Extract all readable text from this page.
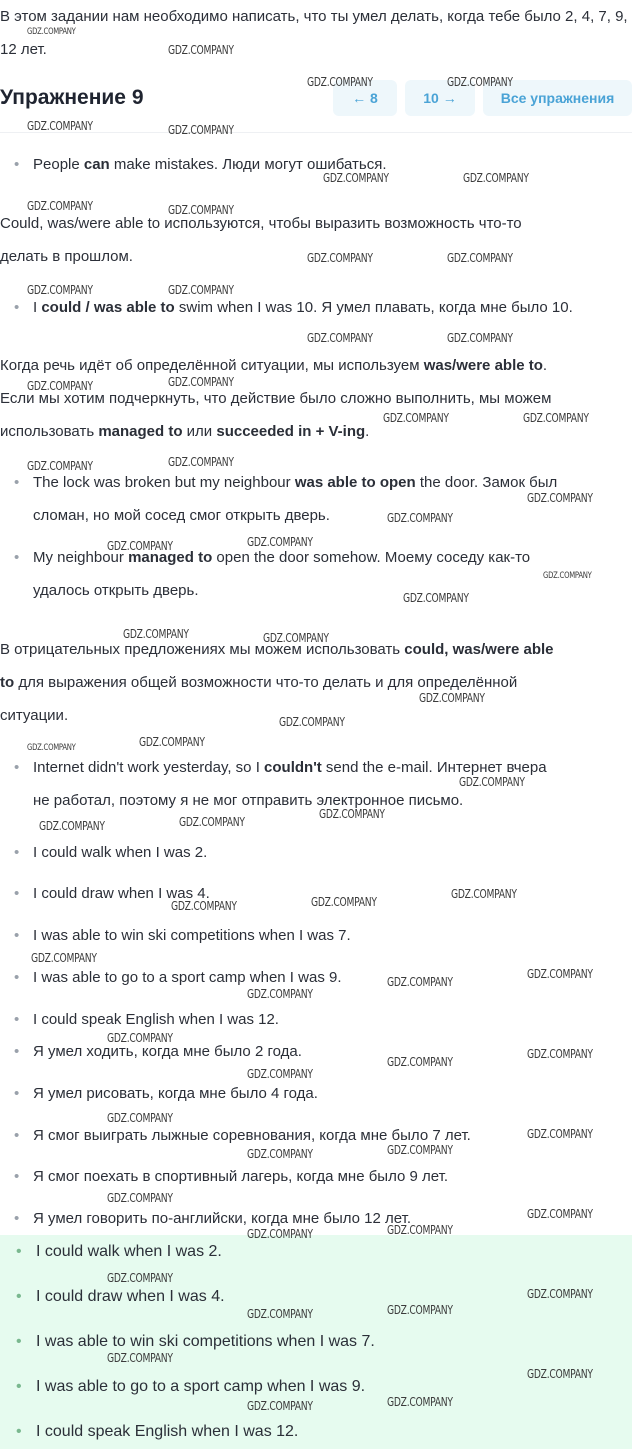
В этом задании нам необходимо написать, что ты умел делать, когда тебе было 2, 4, 7, 9, 12 лет.
Упражнение 9	← 8	10 →	Все упражнения
• People can make mistakes. Люди могут ошибаться.
Could, was/were able to используются, чтобы выразить возможность что-то
делать в прошлом.
• I could / was able to swim when I was 10. Я умел плавать, когда мне было 10.
Когда речь идёт об определённой ситуации, мы используем was/were able to.
Если мы хотим подчеркнуть, что действие было сложно выполнить, мы можем
использовать managed to или succeeded in + V-ing.
• The lock was broken but my neighbour was able to open the door. Замок был
сломан, но мой сосед смог открыть дверь.
• My neighbour managed to open the door somehow. Моему соседу как-то
удалось открыть дверь.
В отрицательных предложениях мы можем использовать could, was/were able
to для выражения общей возможности что-то делать и для определённой
ситуации.
• Internet didn't work yesterday, so I couldn't send the e-mail. Интернет вчера
не работал, поэтому я не мог отправить электронное письмо.
• I could walk when I was 2.
• I could draw when I was 4.
• I was able to win ski competitions when I was 7.
• I was able to go to a sport camp when I was 9.
• I could speak English when I was 12.
• Я умел ходить, когда мне было 2 года.
• Я умел рисовать, когда мне было 4 года.
• Я смог выиграть лыжные соревнования, когда мне было 7 лет.
• Я смог поехать в спортивный лагерь, когда мне было 9 лет.
• Я умел говорить по-английски, когда мне было 12 лет.
• I could walk when I was 2.
• I could draw when I was 4.
• I was able to win ski competitions when I was 7.
• I was able to go to a sport camp when I was 9.
• I could speak English when I was 12.
GDZ.COMPANY
GDZ.COMPANY
GDZ.COMPANY	GDZ.COMPANY
GDZ.COMPANY	GDZ.COMPANY
GDZ.COMPANY	GDZ.COMPANY
GDZ.COMPANY	GDZ.COMPANY
GDZ.COMPANY	GDZ.COMPANY
GDZ.COMPANY	GDZ.COMPANY
GDZ.COMPANY	GDZ.COMPANY
GDZ.COMPANY	GDZ.COMPANY
GDZ.COMPANY	GDZ.COMPANY
GDZ.COMPANY	GDZ.COMPANY
GDZ.COMPANY
GDZ.COMPANY
GDZ.COMPANY	GDZ.COMPANY
GDZ.COMPANY
GDZ.COMPANY
GDZ.COMPANY	GDZ.COMPANY
GDZ.COMPANY
GDZ.COMPANY
GDZ.COMPANY	GDZ.COMPANY
GDZ.COMPANY
GDZ.COMPANY
GDZ.COMPANY	GDZ.COMPANY
GDZ.COMPANY
GDZ.COMPANY	GDZ.COMPANY
GDZ.COMPANY
GDZ.COMPANY
GDZ.COMPANY
GDZ.COMPANY
GDZ.COMPANY
GDZ.COMPANY
GDZ.COMPANY
GDZ.COMPANY
GDZ.COMPANY
GDZ.COMPANY
GDZ.COMPANY
GDZ.COMPANY
GDZ.COMPANY
GDZ.COMPANY
GDZ.COMPANY
GDZ.COMPANY
GDZ.COMPANY
GDZ.COMPANY
GDZ.COMPANY
GDZ.COMPANY
GDZ.COMPANY
GDZ.COMPANY
GDZ.COMPANY
GDZ.COMPANY
